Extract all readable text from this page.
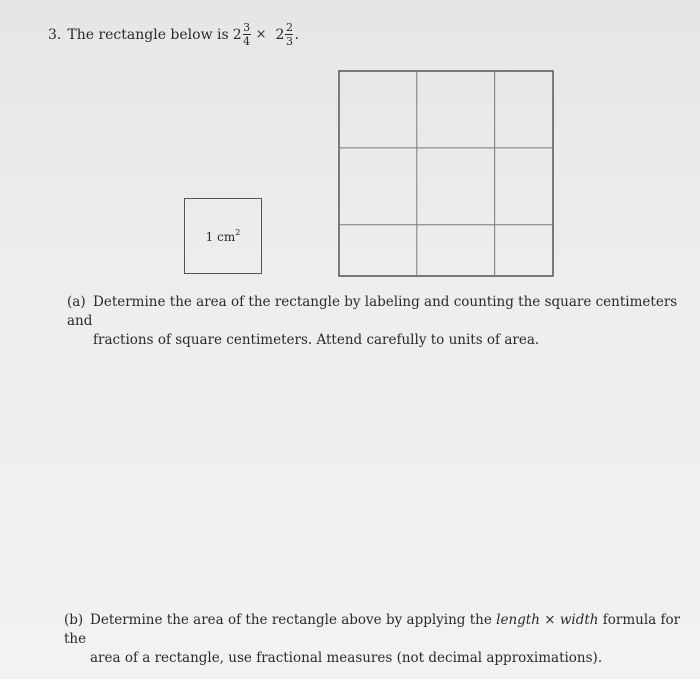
3. The rectangle below is $2 \frac{3}{4} \times 2 \frac{2}{3}$ .
1 $cm^2$
(a) Determine the area of the rectangle by labeling and counting the square centimeters and
fractions of square centimeters. Attend carefully to units of area.
(b) Determine the area of the rectangle above by applying the length × width formula for the
area of a rectangle, use fractional measures (not decimal approximations).
